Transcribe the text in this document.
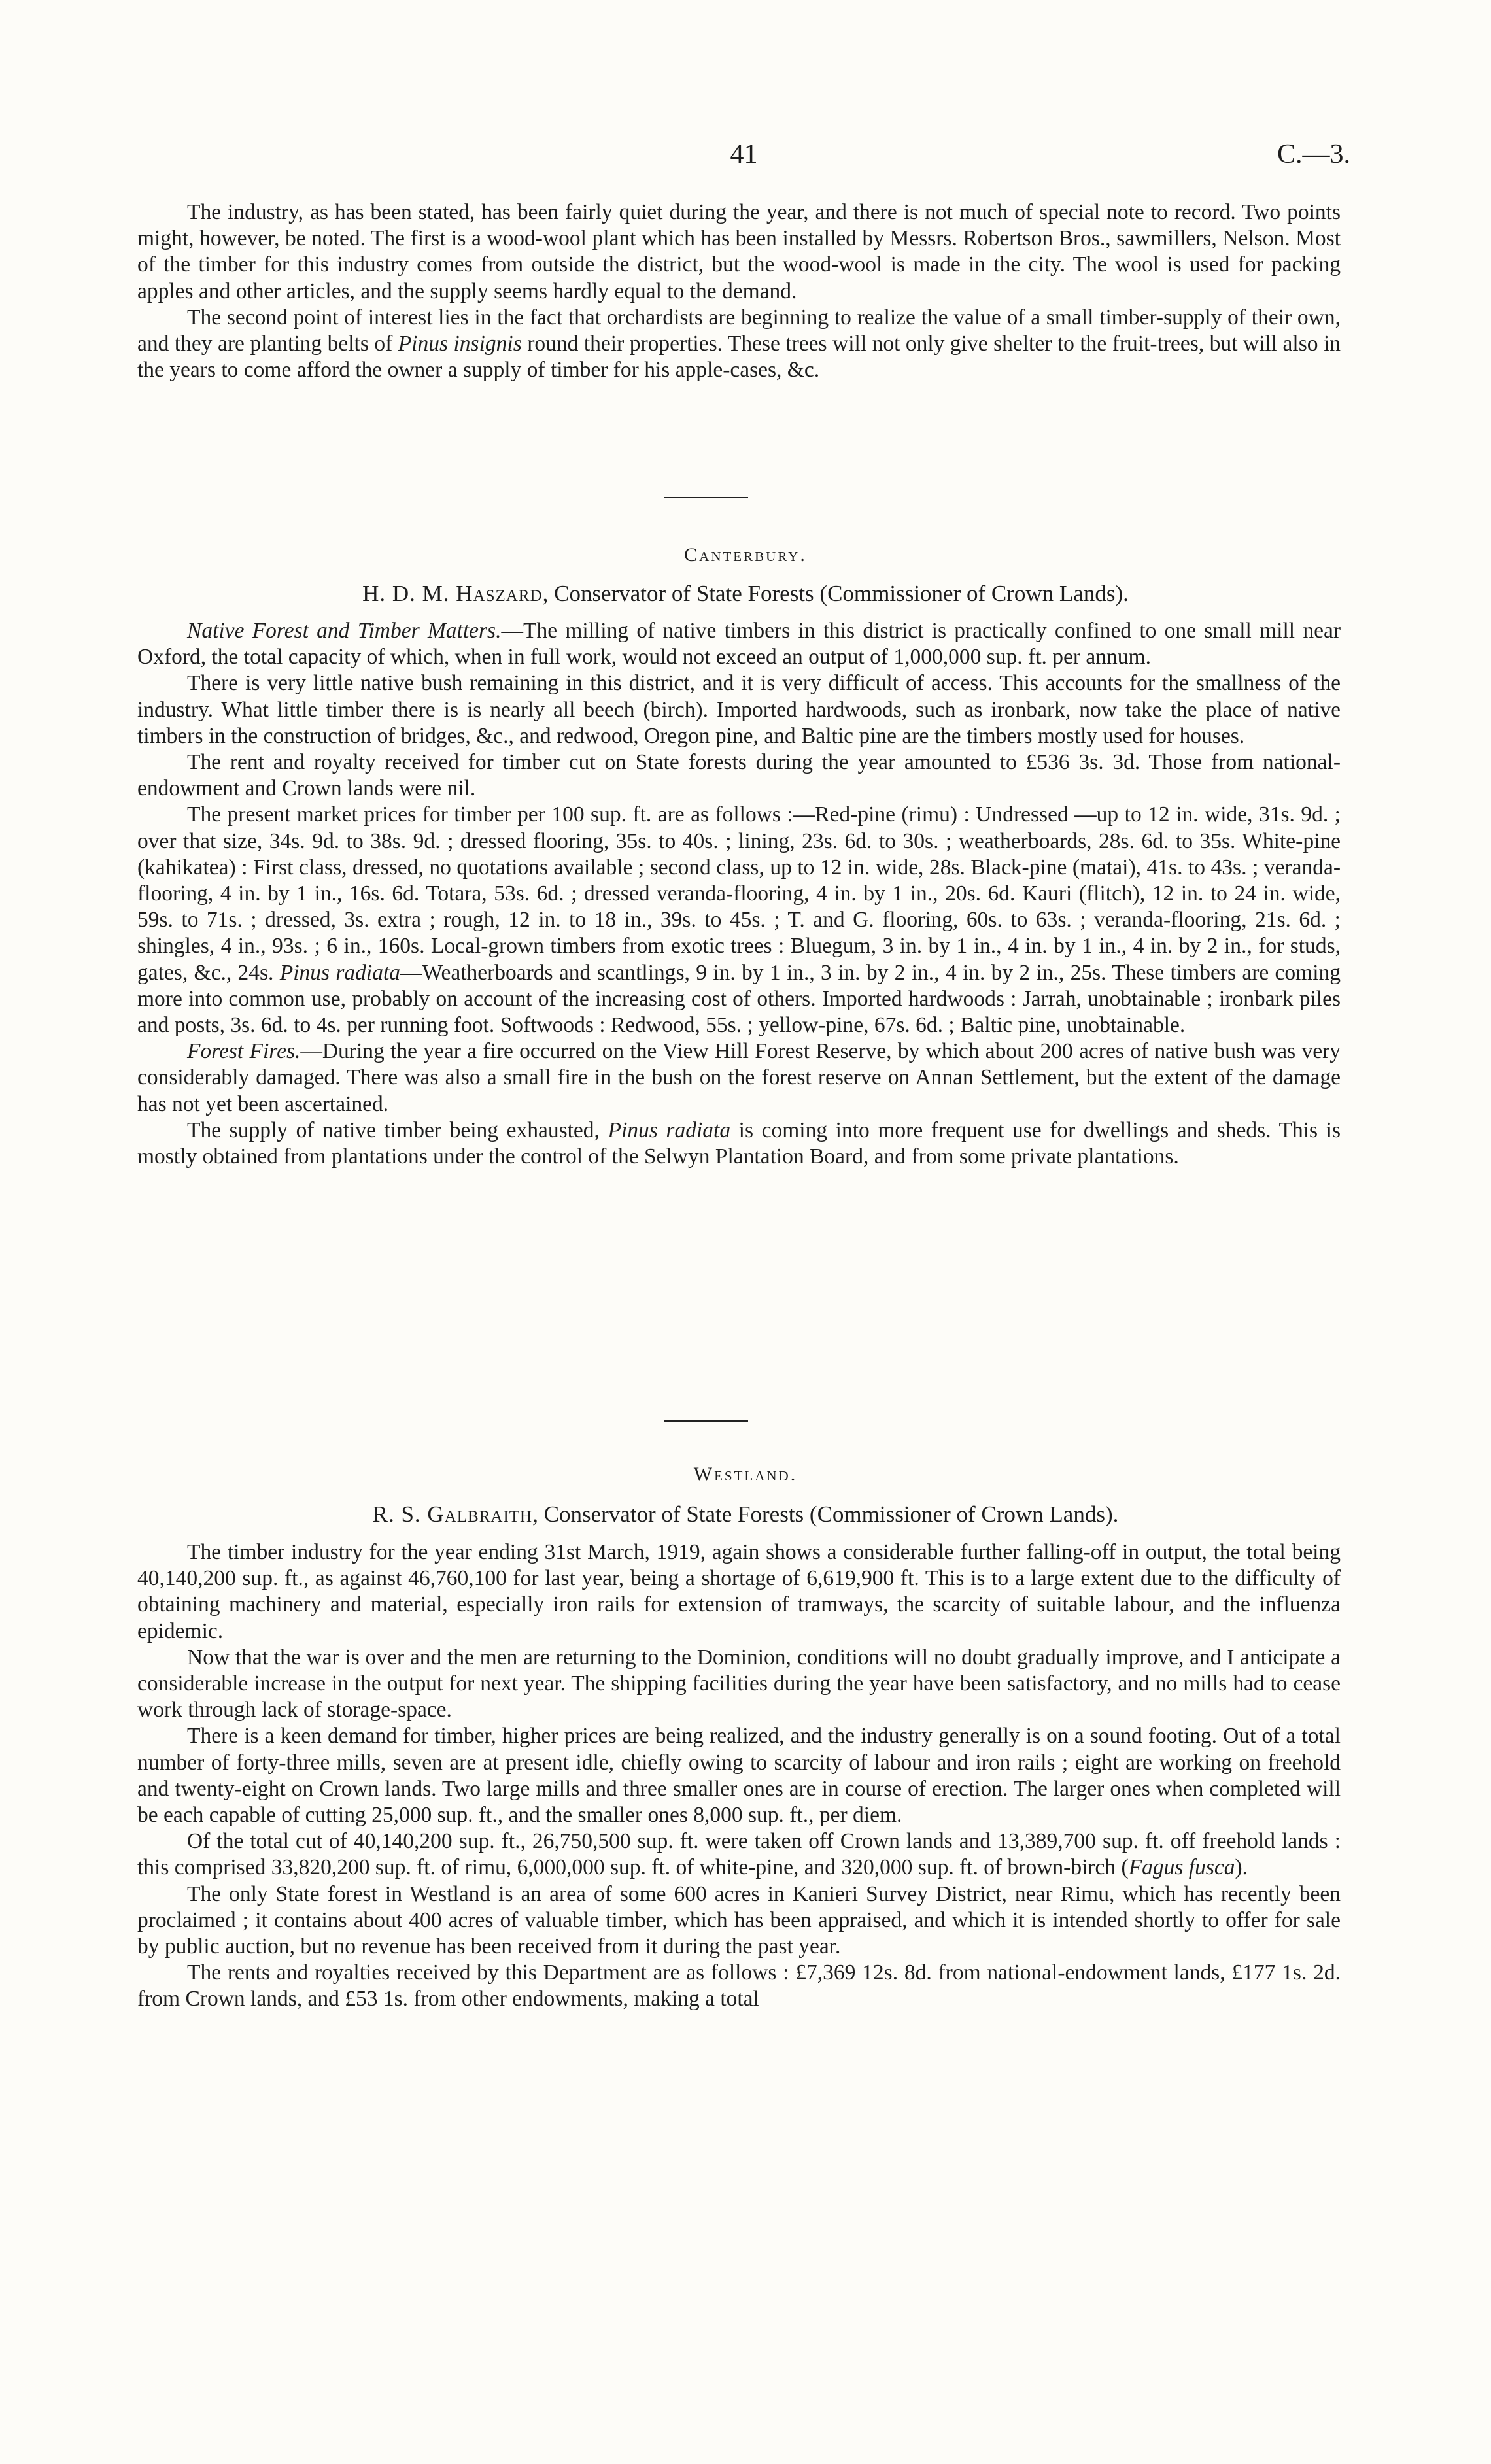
41	C.—3.

The industry, as has been stated, has been fairly quiet during the year, and there is not much of special note to record. Two points might, however, be noted. The first is a wood-wool plant which has been installed by Messrs. Robertson Bros., sawmillers, Nelson. Most of the timber for this industry comes from outside the district, but the wood-wool is made in the city. The wool is used for packing apples and other articles, and the supply seems hardly equal to the demand.

The second point of interest lies in the fact that orchardists are beginning to realize the value of a small timber-supply of their own, and they are planting belts of Pinus insignis round their properties. These trees will not only give shelter to the fruit-trees, but will also in the years to come afford the owner a supply of timber for his apple-cases, &c.

Canterbury.
H. D. M. Haszard, Conservator of State Forests (Commissioner of Crown Lands).

Native Forest and Timber Matters.—The milling of native timbers in this district is practically confined to one small mill near Oxford, the total capacity of which, when in full work, would not exceed an output of 1,000,000 sup. ft. per annum.

There is very little native bush remaining in this district, and it is very difficult of access. This accounts for the smallness of the industry. What little timber there is is nearly all beech (birch). Imported hardwoods, such as ironbark, now take the place of native timbers in the construction of bridges, &c., and redwood, Oregon pine, and Baltic pine are the timbers mostly used for houses.

The rent and royalty received for timber cut on State forests during the year amounted to £536 3s. 3d. Those from national-endowment and Crown lands were nil.

The present market prices for timber per 100 sup. ft. are as follows :—Red-pine (rimu) : Undressed —up to 12 in. wide, 31s. 9d. ; over that size, 34s. 9d. to 38s. 9d. ; dressed flooring, 35s. to 40s. ; lining, 23s. 6d. to 30s. ; weatherboards, 28s. 6d. to 35s. White-pine (kahikatea) : First class, dressed, no quotations available ; second class, up to 12 in. wide, 28s. Black-pine (matai), 41s. to 43s. ; veranda-flooring, 4 in. by 1 in., 16s. 6d. Totara, 53s. 6d. ; dressed veranda-flooring, 4 in. by 1 in., 20s. 6d. Kauri (flitch), 12 in. to 24 in. wide, 59s. to 71s. ; dressed, 3s. extra ; rough, 12 in. to 18 in., 39s. to 45s. ; T. and G. flooring, 60s. to 63s. ; veranda-flooring, 21s. 6d. ; shingles, 4 in., 93s. ; 6 in., 160s. Local-grown timbers from exotic trees : Bluegum, 3 in. by 1 in., 4 in. by 1 in., 4 in. by 2 in., for studs, gates, &c., 24s. Pinus radiata—Weatherboards and scantlings, 9 in. by 1 in., 3 in. by 2 in., 4 in. by 2 in., 25s. These timbers are coming more into common use, probably on account of the increasing cost of others. Imported hardwoods : Jarrah, unobtainable ; ironbark piles and posts, 3s. 6d. to 4s. per running foot. Softwoods : Redwood, 55s. ; yellow-pine, 67s. 6d. ; Baltic pine, unobtainable.

Forest Fires.—During the year a fire occurred on the View Hill Forest Reserve, by which about 200 acres of native bush was very considerably damaged. There was also a small fire in the bush on the forest reserve on Annan Settlement, but the extent of the damage has not yet been ascertained.

The supply of native timber being exhausted, Pinus radiata is coming into more frequent use for dwellings and sheds. This is mostly obtained from plantations under the control of the Selwyn Plantation Board, and from some private plantations.

Westland.
R. S. Galbraith, Conservator of State Forests (Commissioner of Crown Lands).

The timber industry for the year ending 31st March, 1919, again shows a considerable further falling-off in output, the total being 40,140,200 sup. ft., as against 46,760,100 for last year, being a shortage of 6,619,900 ft. This is to a large extent due to the difficulty of obtaining machinery and material, especially iron rails for extension of tramways, the scarcity of suitable labour, and the influenza epidemic.

Now that the war is over and the men are returning to the Dominion, conditions will no doubt gradually improve, and I anticipate a considerable increase in the output for next year. The shipping facilities during the year have been satisfactory, and no mills had to cease work through lack of storage-space.

There is a keen demand for timber, higher prices are being realized, and the industry generally is on a sound footing. Out of a total number of forty-three mills, seven are at present idle, chiefly owing to scarcity of labour and iron rails ; eight are working on freehold and twenty-eight on Crown lands. Two large mills and three smaller ones are in course of erection. The larger ones when completed will be each capable of cutting 25,000 sup. ft., and the smaller ones 8,000 sup. ft., per diem.

Of the total cut of 40,140,200 sup. ft., 26,750,500 sup. ft. were taken off Crown lands and 13,389,700 sup. ft. off freehold lands : this comprised 33,820,200 sup. ft. of rimu, 6,000,000 sup. ft. of white-pine, and 320,000 sup. ft. of brown-birch (Fagus fusca).

The only State forest in Westland is an area of some 600 acres in Kanieri Survey District, near Rimu, which has recently been proclaimed ; it contains about 400 acres of valuable timber, which has been appraised, and which it is intended shortly to offer for sale by public auction, but no revenue has been received from it during the past year.

The rents and royalties received by this Department are as follows : £7,369 12s. 8d. from national-endowment lands, £177 1s. 2d. from Crown lands, and £53 1s. from other endowments, making a total
